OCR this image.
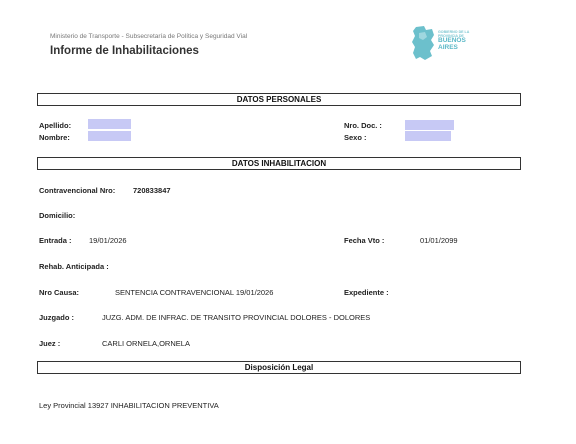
Ministerio de Transporte - Subsecretaría de Política y Seguridad Vial
Informe de Inhabilitaciones
GOBIERNO DE LA
PROVINCIA DE
BUENOS
AIRES
DATOS PERSONALES
Apellido:
Nombre:
Nro. Doc. :
Sexo :
DATOS INHABILITACION
Contravencional Nro: 720833847
Domicilio:
Entrada : 19/01/2026	Fecha Vto :	01/01/2099
Rehab. Anticipada :
Nro Causa:	SENTENCIA CONTRAVENCIONAL 19/01/2026	Expediente :
Juzgado :	JUZG. ADM. DE INFRAC. DE TRANSITO PROVINCIAL DOLORES - DOLORES
Juez :	CARLI ORNELA,ORNELA
Disposición Legal
Ley Provincial 13927 INHABILITACION PREVENTIVA
